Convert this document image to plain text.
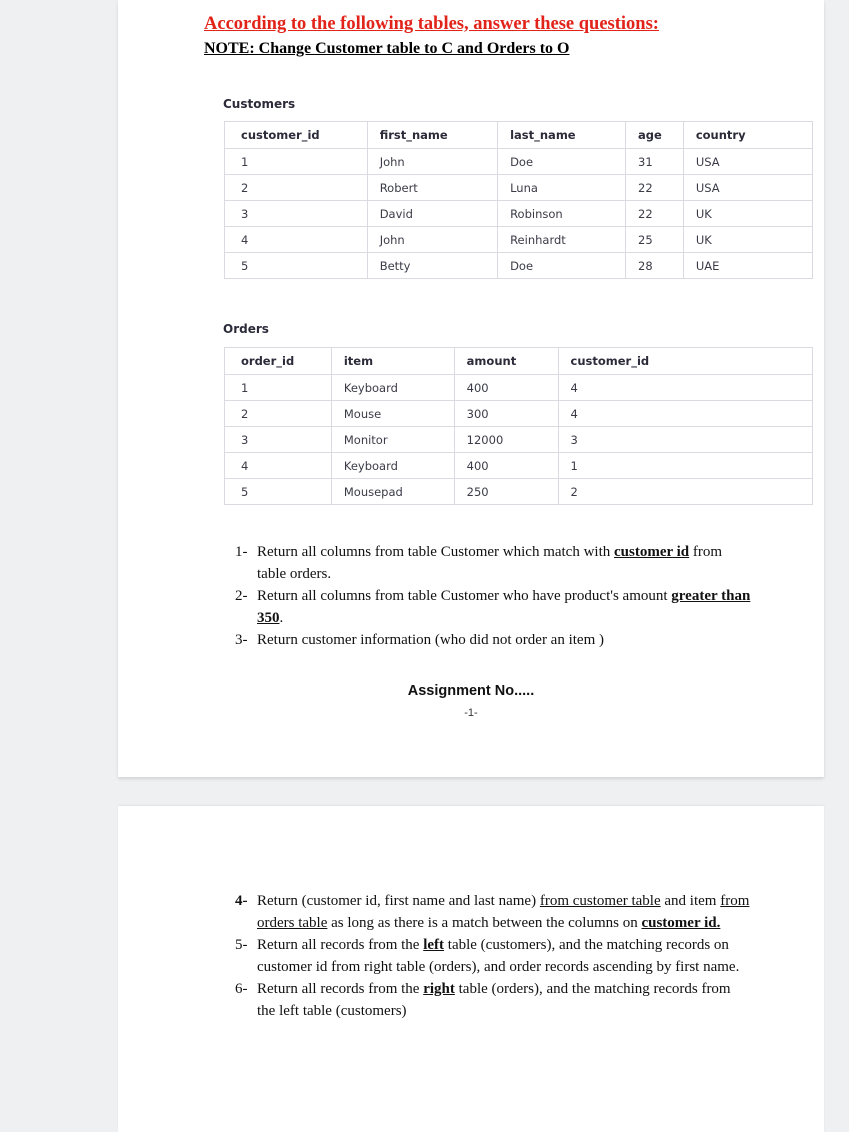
According to the following tables, answer these questions:
NOTE: Change Customer table to C and Orders to O
Customers
customer_id	first_name	last_name	age	country
1	John	Doe	31	USA
2	Robert	Luna	22	USA
3	David	Robinson	22	UK
4	John	Reinhardt	25	UK
5	Betty	Doe	28	UAE
Orders
order_id	item	amount	customer_id
1	Keyboard	400	4
2	Mouse	300	4
3	Monitor	12000	3
4	Keyboard	400	1
5	Mousepad	250	2
1- Return all columns from table Customer which match with customer id from table orders.
2- Return all columns from table Customer who have product's amount greater than 350.
3- Return customer information (who did not order an item )
Assignment No.....
-1-
4- Return (customer id, first name and last name) from customer table and item from orders table as long as there is a match between the columns on customer id.
5- Return all records from the left table (customers), and the matching records on customer id from right table (orders), and order records ascending by first name.
6- Return all records from the right table (orders), and the matching records from the left table (customers)
